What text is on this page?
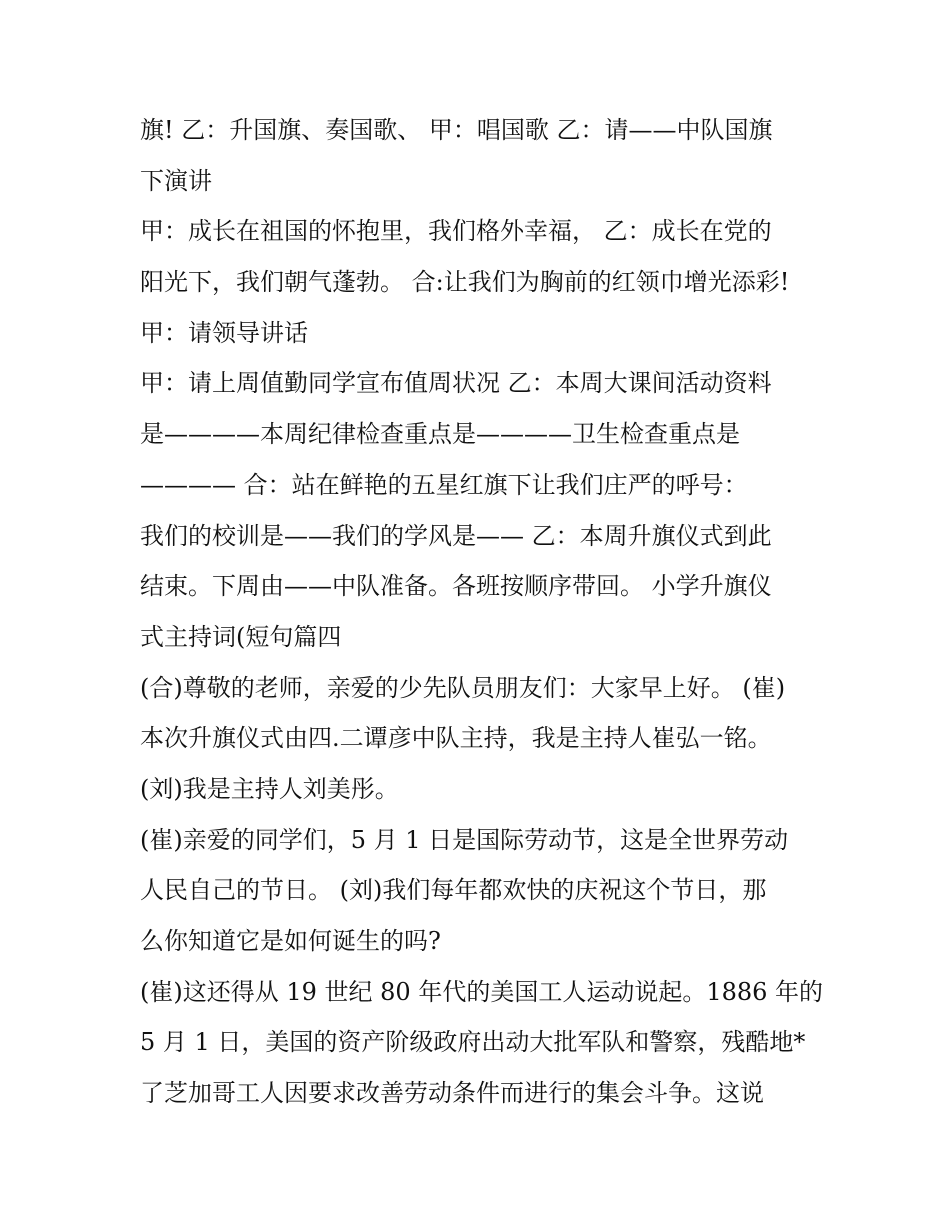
旗! 乙：升国旗、奏国歌、 甲：唱国歌 乙：请——中队国旗
下演讲
甲：成长在祖国的怀抱里，我们格外幸福， 乙：成长在党的
阳光下，我们朝气蓬勃。 合:让我们为胸前的红领巾增光添彩!
甲：请领导讲话
甲：请上周值勤同学宣布值周状况 乙：本周大课间活动资料
是————本周纪律检查重点是————卫生检查重点是
———— 合：站在鲜艳的五星红旗下让我们庄严的呼号：
我们的校训是——我们的学风是—— 乙：本周升旗仪式到此
结束。下周由——中队准备。各班按顺序带回。 小学升旗仪
式主持词(短句篇四
(合)尊敬的老师，亲爱的少先队员朋友们：大家早上好。 (崔)
本次升旗仪式由四.二谭彦中队主持，我是主持人崔弘一铭。
(刘)我是主持人刘美彤。
(崔)亲爱的同学们，5 月 1 日是国际劳动节，这是全世界劳动
人民自己的节日。 (刘)我们每年都欢快的庆祝这个节日，那
么你知道它是如何诞生的吗?
(崔)这还得从 19 世纪 80 年代的美国工人运动说起。1886 年的
5 月 1 日，美国的资产阶级政府出动大批军队和警察，残酷地*
了芝加哥工人因要求改善劳动条件而进行的集会斗争。这说
